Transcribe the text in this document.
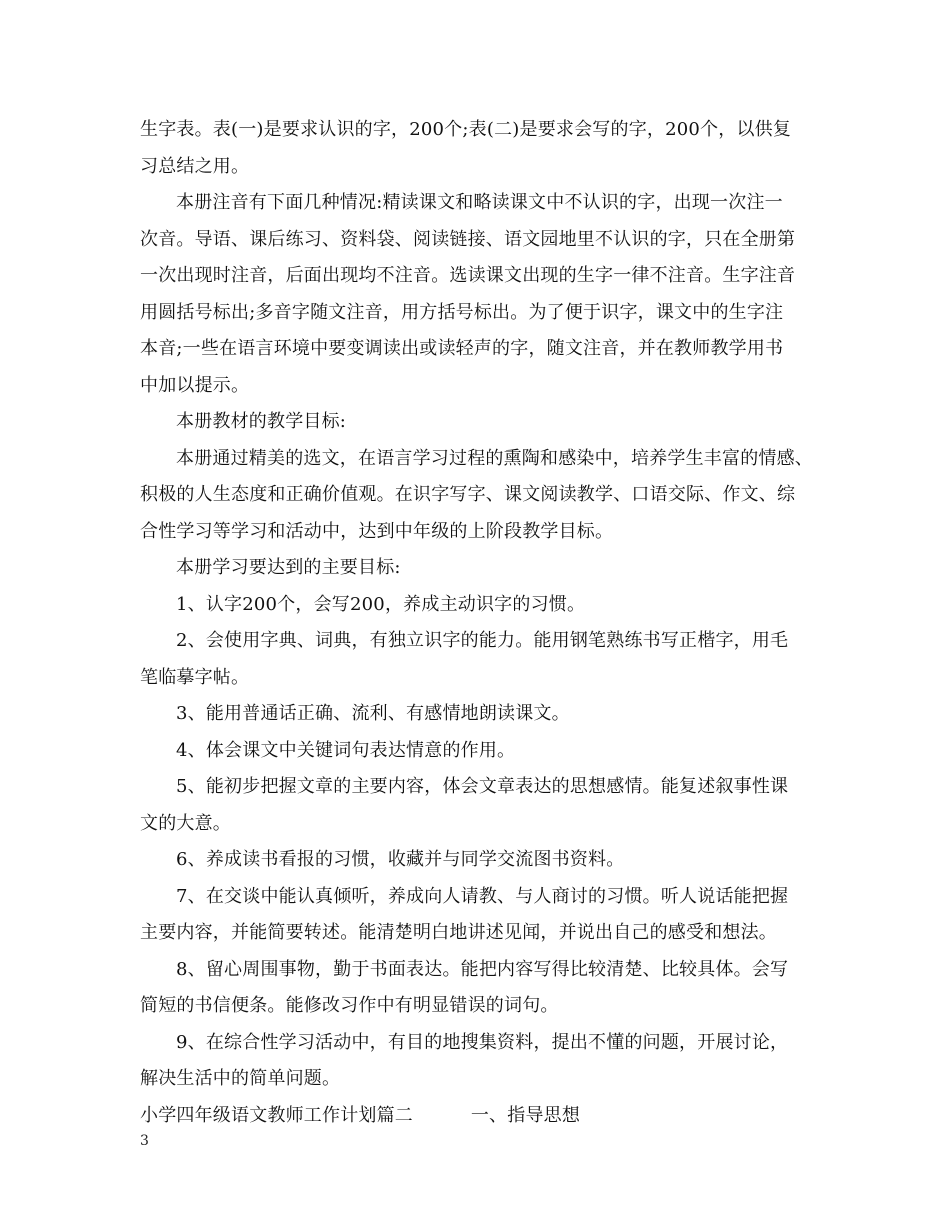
生字表。表(一)是要求认识的字，200个;表(二)是要求会写的字，200个，以供复
习总结之用。
本册注音有下面几种情况:精读课文和略读课文中不认识的字，出现一次注一
次音。导语、课后练习、资料袋、阅读链接、语文园地里不认识的字，只在全册第
一次出现时注音，后面出现均不注音。选读课文出现的生字一律不注音。生字注音
用圆括号标出;多音字随文注音，用方括号标出。为了便于识字，课文中的生字注
本音;一些在语言环境中要变调读出或读轻声的字，随文注音，并在教师教学用书
中加以提示。
本册教材的教学目标:
本册通过精美的选文，在语言学习过程的熏陶和感染中，培养学生丰富的情感、
积极的人生态度和正确价值观。在识字写字、课文阅读教学、口语交际、作文、综
合性学习等学习和活动中，达到中年级的上阶段教学目标。
本册学习要达到的主要目标:
1、认字200个，会写200，养成主动识字的习惯。
2、会使用字典、词典，有独立识字的能力。能用钢笔熟练书写正楷字，用毛
笔临摹字帖。
3、能用普通话正确、流利、有感情地朗读课文。
4、体会课文中关键词句表达情意的作用。
5、能初步把握文章的主要内容，体会文章表达的思想感情。能复述叙事性课
文的大意。
6、养成读书看报的习惯，收藏并与同学交流图书资料。
7、在交谈中能认真倾听，养成向人请教、与人商讨的习惯。听人说话能把握
主要内容，并能简要转述。能清楚明白地讲述见闻，并说出自己的感受和想法。
8、留心周围事物，勤于书面表达。能把内容写得比较清楚、比较具体。会写
简短的书信便条。能修改习作中有明显错误的词句。
9、在综合性学习活动中，有目的地搜集资料，提出不懂的问题，开展讨论，
解决生活中的简单问题。
小学四年级语文教师工作计划篇二	一、指导思想
3
